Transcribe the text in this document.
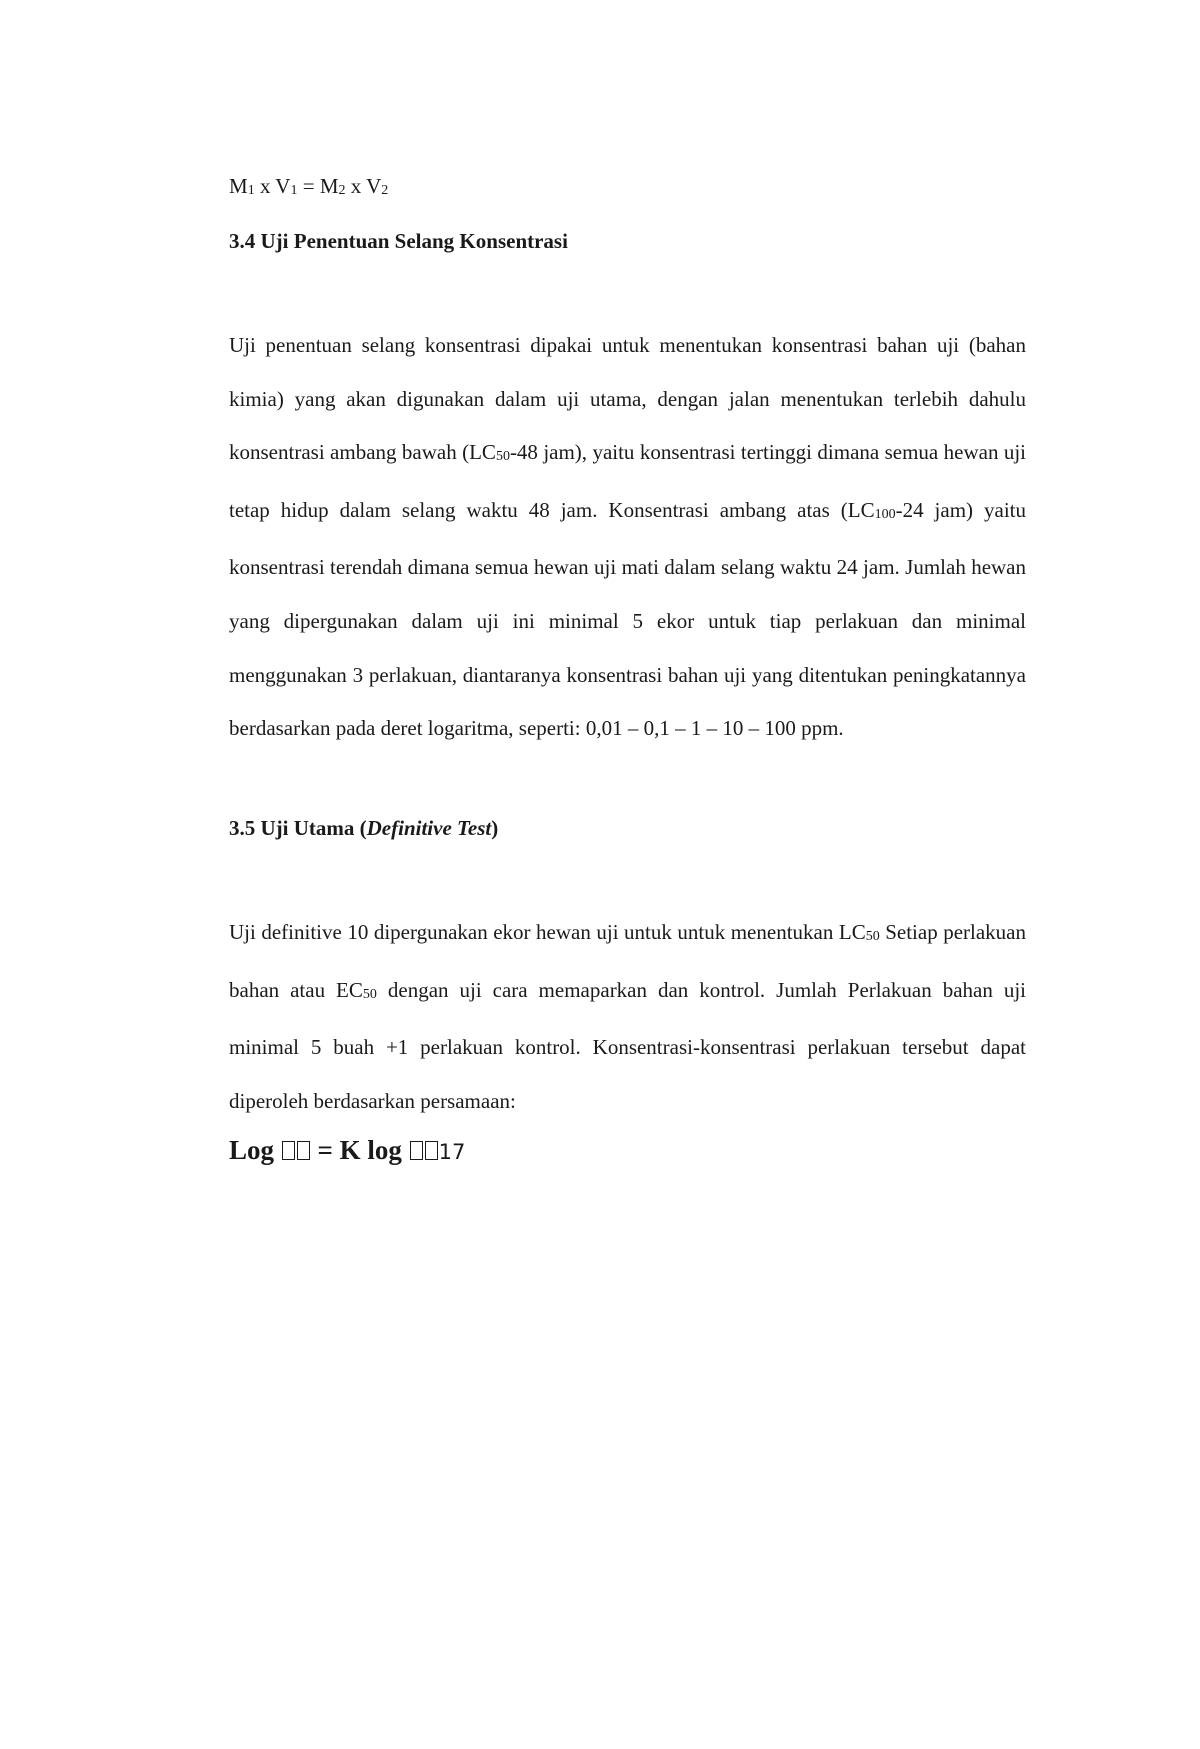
$M_1$ x $V_1 = M_2$ x $V_2$
3.4 Uji Penentuan Selang Konsentrasi
Uji penentuan selang konsentrasi dipakai untuk menentukan konsentrasi bahan uji (bahan kimia) yang akan digunakan dalam uji utama, dengan jalan menentukan terlebih dahulu konsentrasi ambang bawah ($LC_{50}-48$ jam), yaitu konsentrasi tertinggi dimana semua hewan uji tetap hidup dalam selang waktu 48 jam. Konsentrasi ambang atas ($LC_{100}-24$ jam) yaitu konsentrasi terendah dimana semua hewan uji mati dalam selang waktu 24 jam. Jumlah hewan yang dipergunakan dalam uji ini minimal 5 ekor untuk tiap perlakuan dan minimal menggunakan 3 perlakuan, diantaranya konsentrasi bahan uji yang ditentukan peningkatannya berdasarkan pada deret logaritma, seperti: 0,01 – 0,1 – 1 – 10 – 100 ppm.
3.5 Uji Utama (Definitive Test)
Uji definitive 10 dipergunakan ekor hewan uji untuk untuk menentukan $LC_{50}$ Setiap perlakuan bahan atau $EC_{50}$ dengan uji cara memaparkan dan kontrol. Jumlah Perlakuan bahan uji minimal 5 buah +1 perlakuan kontrol. Konsentrasi-konsentrasi perlakuan tersebut dapat diperoleh berdasarkan persamaan:
Log  = K log 17
